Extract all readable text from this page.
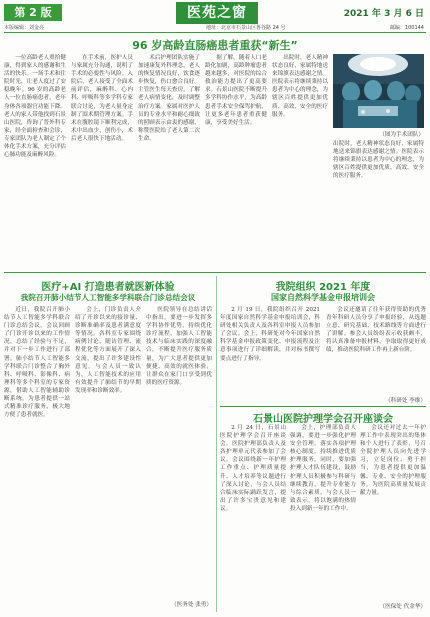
第 2 版	医苑之窗	2021 年 3 月 6 日
本版编辑：刘金亮	地址：北京市石景山区鲁谷路 24 号	邮编：100144
96 岁高龄直肠癌患者重获“新生”

一位高龄老人重拾健康，得到家人的感谢和生活的快乐。一场手术和住院时光，让老人度过了安稳晚年。96 岁的高龄老人一位直肠癌患者，老年身体各项器官功能下降。老人的家人带他找到石景山医院，咨询了普外科专家，经全面检查和会诊，专家团队为老人制定了个体化手术方案，充分评估心肺功能及麻醉风险。

在手术前，医护人员与家属充分沟通，说明了手术的必要性与风险。入院后，老人接受了全面术前评估，麻醉科、心内科、呼吸科等多学科专家联合讨论，为老人量身定制了围术期管理方案。手术在腹腔镜下顺利完成，术中出血少，创伤小，术后老人很快下地活动。

术后护理团队实施了加速康复外科理念，老人的恢复情况良好，饮食逐步恢复，伤口愈合良好。主管医生每天查房，了解老人病情变化，及时调整治疗方案。家属对医护人员的专业水平和耐心细致的照顾表示由衷的感谢，称赞医院给了老人第二次生命。

据了解，随着人口老龄化加剧，高龄肿瘤患者越来越多，对医院的综合救治能力提出了更高要求。石景山医院不断提升多学科协作水平，为高龄患者手术安全保驾护航，让更多老年患者重获健康，享受美好生活。

出院时，老人精神状态良好，家属特地送来锦旗表达感谢之情。医院表示将继续秉持以患者为中心的理念，为辖区百姓提供更加优质、高效、安全的医疗服务。

（图为手术团队）

出院时，老人精神状态良好，家属特地送来锦旗表达感谢之情。医院表示将继续秉持以患者为中心的理念，为辖区百姓提供更加优质、高效、安全的医疗服务。

医疗+AI 打造患者就医新体验
我院召开肺小结节人工智能多学科联合门诊总结会议

近日，我院召开肺小结节人工智能多学科联合门诊总结会议。会议回顾了门诊开诊以来的工作情况，总结了经验与不足，并对下一步工作进行了部署。肺小结节人工智能多学科联合门诊整合了胸外科、呼吸科、影像科、病理科等多个科室的专家资源，借助人工智能辅助诊断系统，为患者提供一站式精准诊疗服务，极大地方便了患者就医。

会上，门诊负责人介绍了开诊以来的接诊量、诊断准确率及患者满意度等情况。各科室专家围绕病例讨论、随访管理、流程优化等方面展开了深入交流，提出了许多建设性意见。与会人员一致认为，人工智能技术的应用有效提升了肺结节的早期发现率和诊断效率。

医院领导在总结讲话中指出，要进一步发挥多学科协作优势，持续优化诊疗流程，加强人工智能技术与临床实践的深度融合，不断提升医疗服务质量，为广大患者提供更加便捷、高效的就医体验，让群众在家门口享受到优质的医疗资源。

（医务处 张勇）
我院组织 2021 年度
国家自然科学基金申报培训会

2 月 19 日，我院组织召开 2021 年度国家自然科学基金申报培训会，科研处相关负责人及各科室申报人员参加了会议。会上，科研处对今年国家自然科学基金申报政策变化、申报流程及注意事项进行了详细解读，并对标书撰写要点进行了指导。

会议还邀请了往年获得资助的优秀青年科研人员分享了申报经验，从选题立意、研究基础、技术路线等方面进行了讲解。参会人员纷纷表示收获颇丰，将认真准备申报材料，争取取得更好成绩，推动医院科研工作再上新台阶。

（科研处 李维）
石景山医院护理学会召开座谈会

2 月 24 日，石景山医院护理学会召开座谈会，医院护理部负责人及各护理单元代表参加了会议。会议围绕新一年护理工作重点、护理质量提升、人才培养等议题进行了深入讨论，与会人员结合临床实际踊跃发言，提出了许多宝贵意见和建议。

会上，护理部负责人强调，要进一步强化护理安全管理，落实各项护理核心制度，持续推进优质护理服务。同时，要加强护理人才队伍建设，鼓励护理人员积极参与科研与继续教育，提升专业能力与综合素质。与会人员一致表示，将以饱满的热情投入到新一年的工作中。

会议还对过去一年护理工作中表现突出的集体和个人进行了表彰，号召全院护理人员向先进学习，立足岗位、勇于担当，为患者提供更加温馨、专业、安全的护理服务，为医院高质量发展贡献力量。

（医保处 代金华）
